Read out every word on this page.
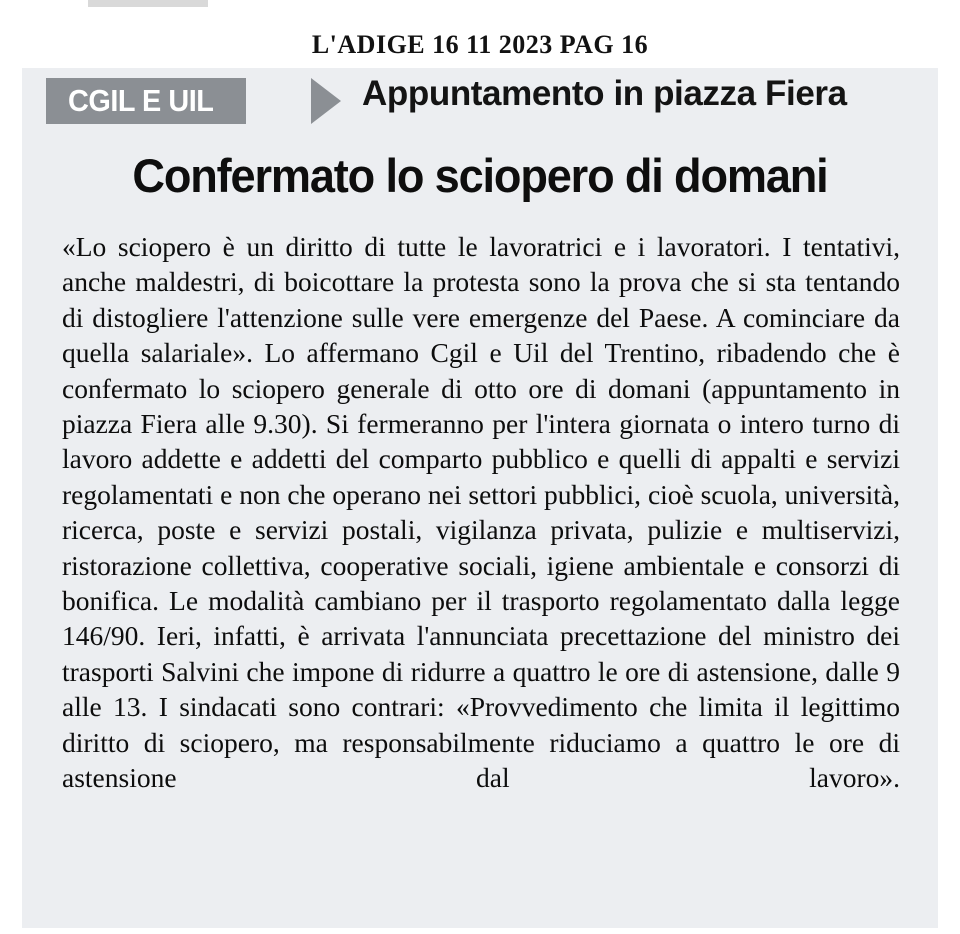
L'ADIGE 16 11 2023 PAG 16
CGIL E UIL	Appuntamento in piazza Fiera
Confermato lo sciopero di domani
«Lo sciopero è un diritto di tutte le lavoratrici e i lavoratori. I tentativi, anche maldestri, di boicottare la protesta sono la prova che si sta tentando di distogliere l'attenzione sulle vere emergenze del Paese. A cominciare da quella salariale». Lo affermano Cgil e Uil del Trentino, ribadendo che è confermato lo sciopero generale di otto ore di domani (appuntamento in piazza Fiera alle 9.30). Si fermeranno per l'intera giornata o intero turno di lavoro addette e addetti del comparto pubblico e quelli di appalti e servizi regolamentati e non che operano nei settori pubblici, cioè scuola, università, ricerca, poste e servizi postali, vigilanza privata, pulizie e multiservizi, ristorazione collettiva, cooperative sociali, igiene ambientale e consorzi di bonifica. Le modalità cambiano per il trasporto regolamentato dalla legge 146/90. Ieri, infatti, è arrivata l'annunciata precettazione del ministro dei trasporti Salvini che impone di ridurre a quattro le ore di astensione, dalle 9 alle 13. I sindacati sono contrari: «Provvedimento che limita il legittimo diritto di sciopero, ma responsabilmente riduciamo a quattro le ore di astensione dal lavoro».
